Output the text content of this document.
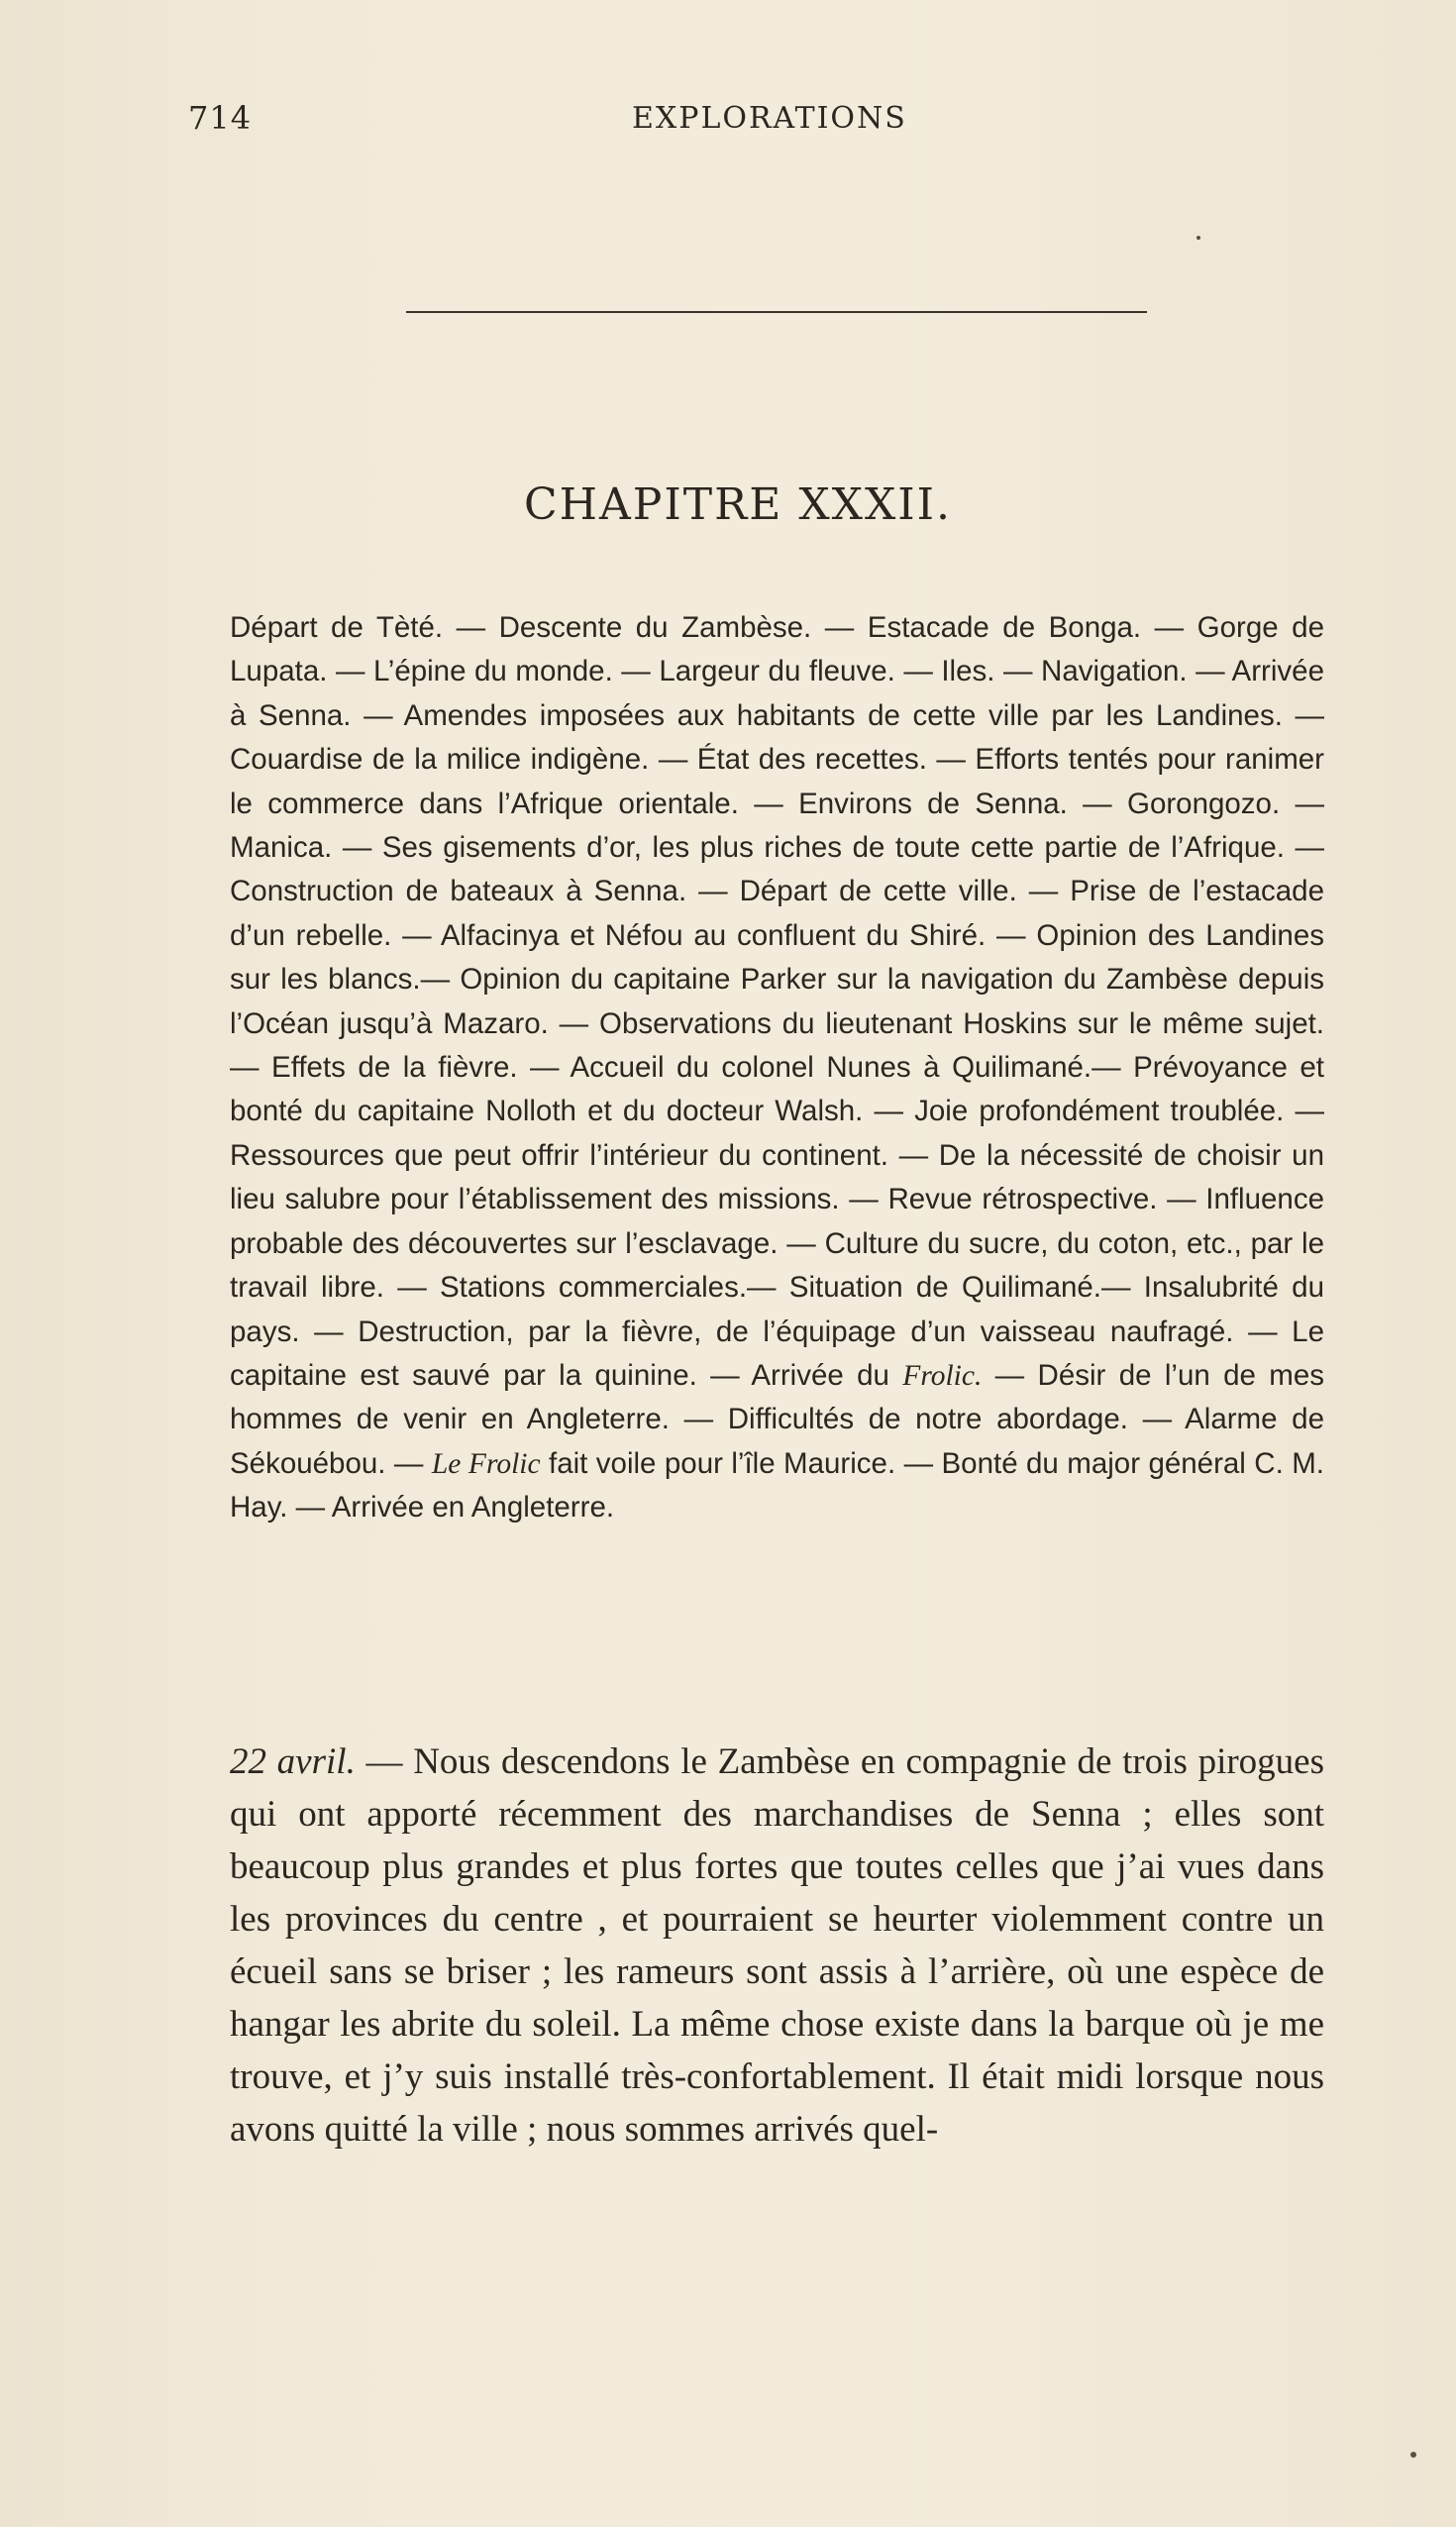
714	EXPLORATIONS
CHAPITRE XXXII.
Départ de Tèté. — Descente du Zambèse. — Estacade de Bonga. — Gorge de Lupata. — L’épine du monde. — Largeur du fleuve. — Iles. — Navigation. — Arrivée à Senna. — Amendes imposées aux habitants de cette ville par les Landines. — Couardise de la milice indigène. — État des recettes. — Efforts tentés pour ranimer le commerce dans l’Afrique orientale. — Environs de Senna. — Gorongozo. — Manica. — Ses gisements d’or, les plus riches de toute cette partie de l’Afrique. — Construction de bateaux à Senna. — Départ de cette ville. — Prise de l’estacade d’un rebelle. — Alfacinya et Néfou au confluent du Shiré. — Opinion des Landines sur les blancs.— Opinion du capitaine Parker sur la navigation du Zambèse depuis l’Océan jusqu’à Mazaro. — Observations du lieutenant Hoskins sur le même sujet. — Effets de la fièvre. — Accueil du colonel Nunes à Quilimané.— Prévoyance et bonté du capitaine Nolloth et du docteur Walsh. — Joie profondément troublée. — Ressources que peut offrir l’intérieur du continent. — De la nécessité de choisir un lieu salubre pour l’établissement des missions. — Revue rétrospective. — Influence probable des découvertes sur l’esclavage. — Culture du sucre, du coton, etc., par le travail libre. — Stations commerciales.— Situation de Quilimané.— Insalubrité du pays. — Destruction, par la fièvre, de l’équipage d’un vaisseau naufragé. — Le capitaine est sauvé par la quinine. — Arrivée du Frolic. — Désir de l’un de mes hommes de venir en Angleterre. — Difficultés de notre abordage. — Alarme de Sékouébou. — Le Frolic fait voile pour l’île Maurice. — Bonté du major général C. M. Hay. — Arrivée en Angleterre.
22 avril. — Nous descendons le Zambèse en compagnie de trois pirogues qui ont apporté récemment des marchandises de Senna ; elles sont beaucoup plus grandes et plus fortes que toutes celles que j’ai vues dans les provinces du centre , et pourraient se heurter violemment contre un écueil sans se briser ; les rameurs sont assis à l’arrière, où une espèce de hangar les abrite du soleil. La même chose existe dans la barque où je me trouve, et j’y suis installé très-confortablement. Il était midi lorsque nous avons quitté la ville ; nous sommes arrivés quel-
